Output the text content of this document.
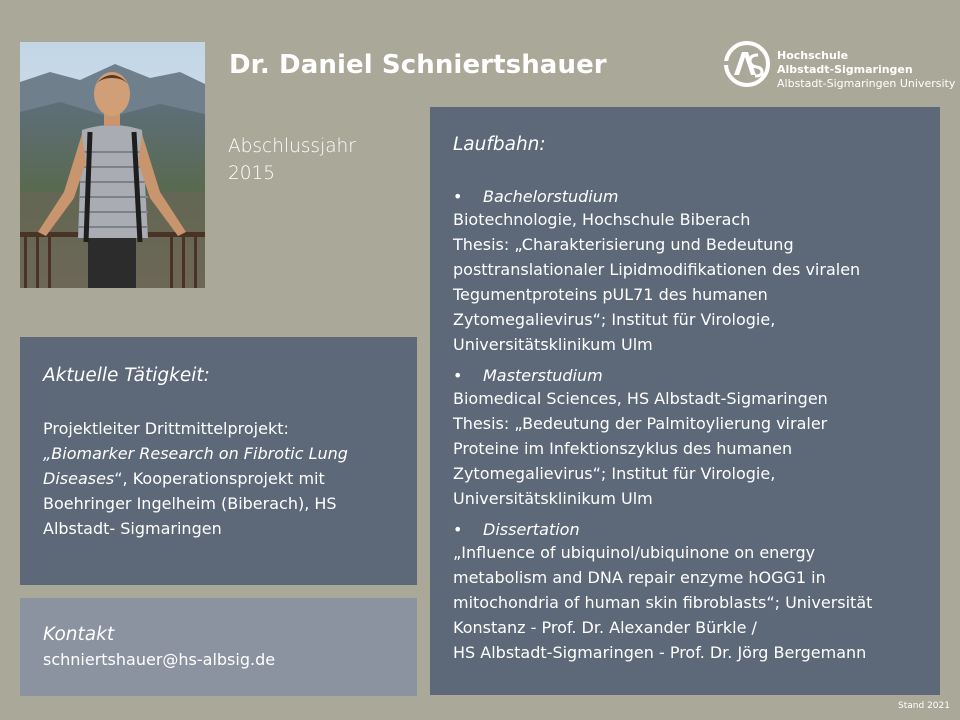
Dr. Daniel Schniertshauer
Abschlussjahr
2015
Hochschule
Albstadt-Sigmaringen
Albstadt-Sigmaringen University
Laufbahn:
• Bachelorstudium
Biotechnologie, Hochschule Biberach
Thesis: „Charakterisierung und Bedeutung
posttranslationaler Lipidmodifikationen des viralen
Tegumentproteins pUL71 des humanen
Zytomegalievirus“; Institut für Virologie,
Universitätsklinikum Ulm
• Masterstudium
Biomedical Sciences, HS Albstadt-Sigmaringen
Thesis: „Bedeutung der Palmitoylierung viraler
Proteine im Infektionszyklus des humanen
Zytomegalievirus“; Institut für Virologie,
Universitätsklinikum Ulm
• Dissertation
„Influence of ubiquinol/ubiquinone on energy
metabolism and DNA repair enzyme hOGG1 in
mitochondria of human skin fibroblasts“; Universität
Konstanz - Prof. Dr. Alexander Bürkle /
HS Albstadt-Sigmaringen - Prof. Dr. Jörg Bergemann
Aktuelle Tätigkeit:
Projektleiter Drittmittelprojekt:
„Biomarker Research on Fibrotic Lung
Diseases“, Kooperationsprojekt mit
Boehringer Ingelheim (Biberach), HS
Albstadt- Sigmaringen
Kontakt
schniertshauer@hs-albsig.de
Stand 2021
